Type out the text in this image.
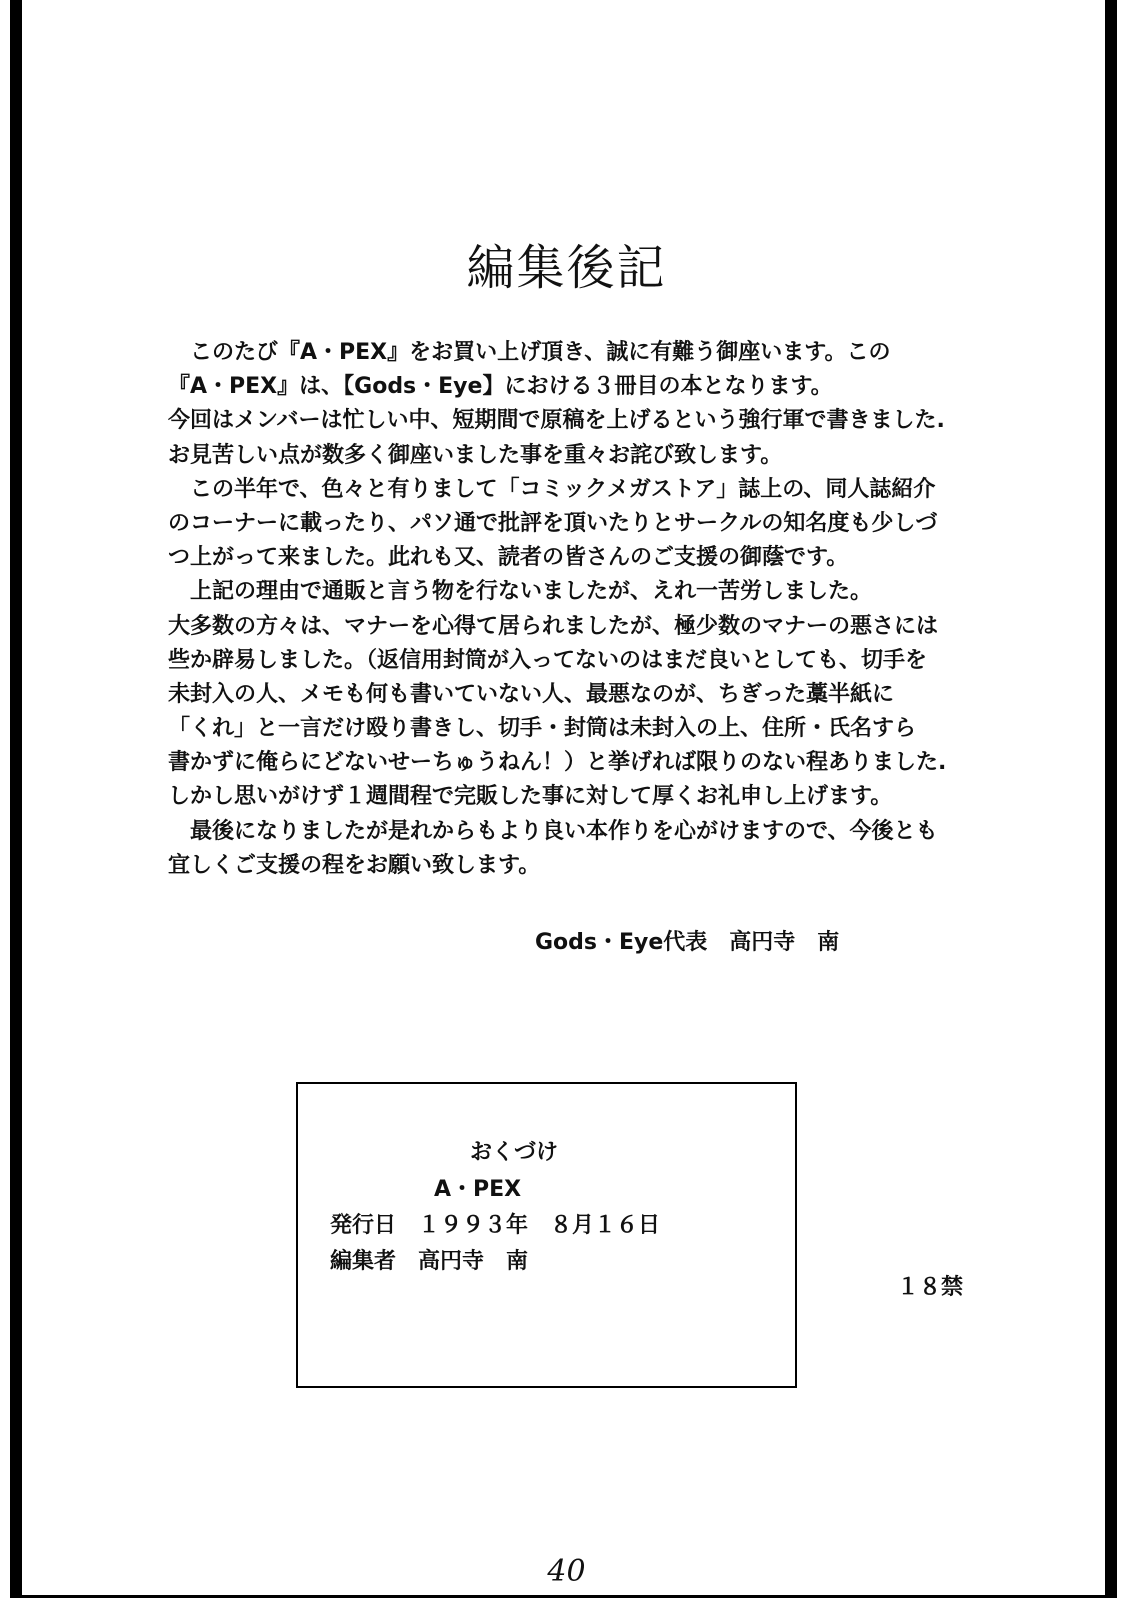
編集後記
　このたび『A・PEX』をお買い上げ頂き、誠に有難う御座います。この
『A・PEX』は、【Gods・Eye】における３冊目の本となります。
今回はメンバーは忙しい中、短期間で原稿を上げるという強行軍で書きました.
お見苦しい点が数多く御座いました事を重々お詫び致します。
　この半年で、色々と有りまして「コミックメガストア」誌上の、同人誌紹介
のコーナーに載ったり、パソ通で批評を頂いたりとサークルの知名度も少しづ
つ上がって来ました。此れも又、読者の皆さんのご支援の御蔭です。
　上記の理由で通販と言う物を行ないましたが、えれ一苦労しました。
大多数の方々は、マナーを心得て居られましたが、極少数のマナーの悪さには
些か辟易しました。（返信用封筒が入ってないのはまだ良いとしても、切手を
未封入の人、メモも何も書いていない人、最悪なのが、ちぎった藁半紙に
「くれ」と一言だけ殴り書きし、切手・封筒は未封入の上、住所・氏名すら
書かずに俺らにどないせーちゅうねん！）と挙げれば限りのない程ありました.
しかし思いがけず１週間程で完販した事に対して厚くお礼申し上げます。
　最後になりましたが是れからもより良い本作りを心がけますので、今後とも
宜しくご支援の程をお願い致します。
Gods・Eye代表　高円寺　南
おくづけ
A・PEX
発行日　１９９３年　８月１６日
編集者　高円寺　南
１８禁
40
